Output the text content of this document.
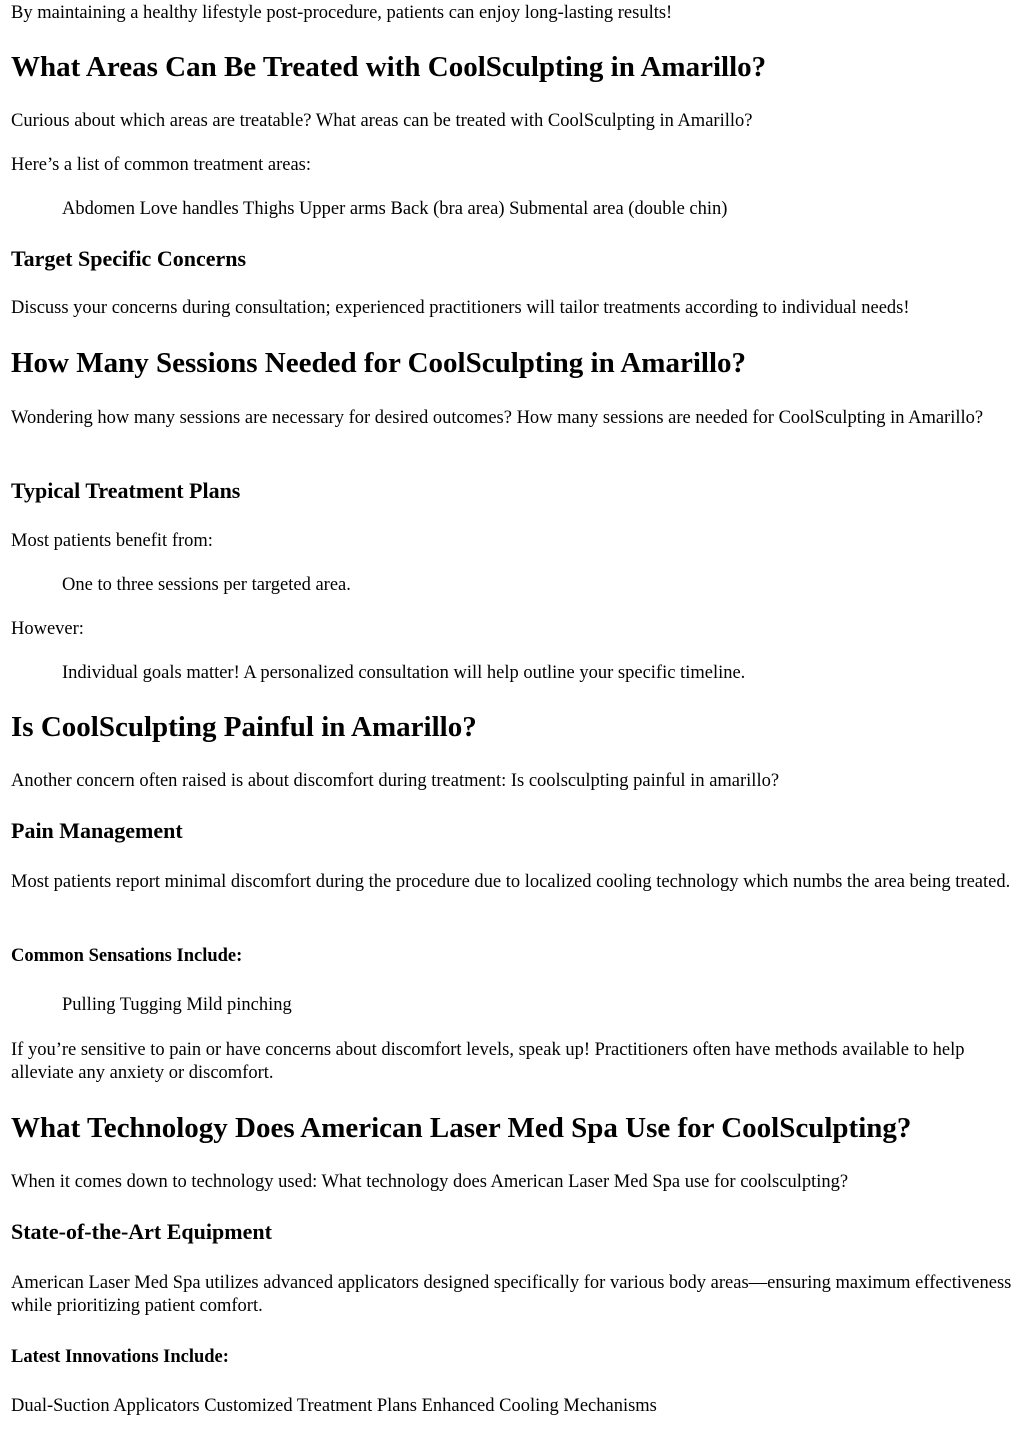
By maintaining a healthy lifestyle post-procedure, patients can enjoy long-lasting results!

What Areas Can Be Treated with CoolSculpting in Amarillo?

Curious about which areas are treatable? What areas can be treated with CoolSculpting in Amarillo?

Here’s a list of common treatment areas:

Abdomen Love handles Thighs Upper arms Back (bra area) Submental area (double chin)
Target Specific Concerns

Discuss your concerns during consultation; experienced practitioners will tailor treatments according to individual needs!

How Many Sessions Needed for CoolSculpting in Amarillo?

Wondering how many sessions are necessary for desired outcomes? How many sessions are needed for CoolSculpting in Amarillo?

Typical Treatment Plans

Most patients benefit from:

One to three sessions per targeted area.

However:

Individual goals matter! A personalized consultation will help outline your specific timeline.
Is CoolSculpting Painful in Amarillo?

Another concern often raised is about discomfort during treatment: Is coolsculpting painful in amarillo?

Pain Management

Most patients report minimal discomfort during the procedure due to localized cooling technology which numbs the area being treated.

Common Sensations Include:
Pulling Tugging Mild pinching

If you’re sensitive to pain or have concerns about discomfort levels, speak up! Practitioners often have methods available to help alleviate any anxiety or discomfort.

What Technology Does American Laser Med Spa Use for CoolSculpting?

When it comes down to technology used: What technology does American Laser Med Spa use for coolsculpting?

State-of-the-Art Equipment

American Laser Med Spa utilizes advanced applicators designed specifically for various body areas—ensuring maximum effectiveness while prioritizing patient comfort.

Latest Innovations Include:

Dual-Suction Applicators Customized Treatment Plans Enhanced Cooling Mechanisms
